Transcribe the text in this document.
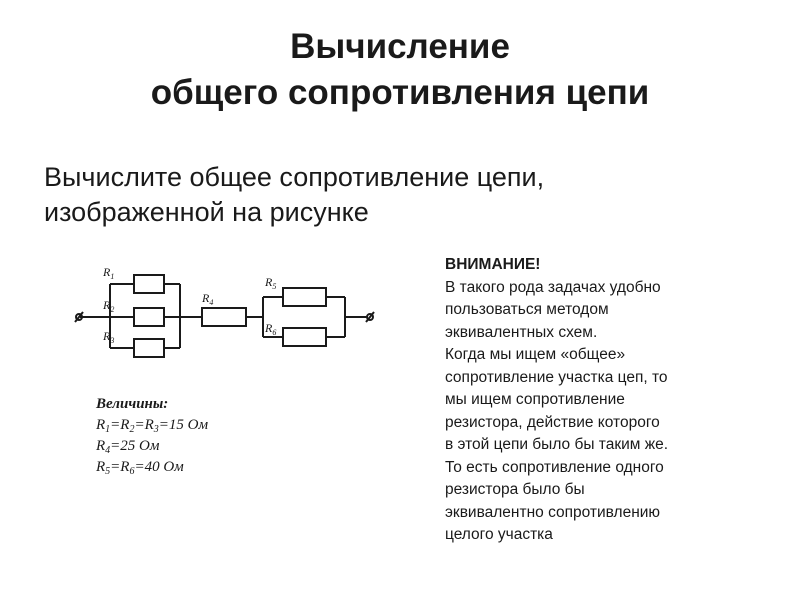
Вычисление
общего сопротивления цепи
Вычислите общее сопротивление цепи,
изображенной на рисунке
$R_1$
$R_2$
$R_3$
$R_4$
$R_5$
$R_6$
Величины:
$R_1=R_2=R_3=15$ Ом
$R_4=25$ Ом
$R_5=R_6=40$ Ом
ВНИМАНИЕ!
В такого рода задачах удобно
пользоваться методом
эквивалентных схем.
Когда мы ищем «общее»
сопротивление участка цеп, то
мы ищем сопротивление
резистора, действие которого
в этой цепи было бы таким же.
То есть сопротивление одного
резистора было бы
эквивалентно сопротивлению
целого участка
